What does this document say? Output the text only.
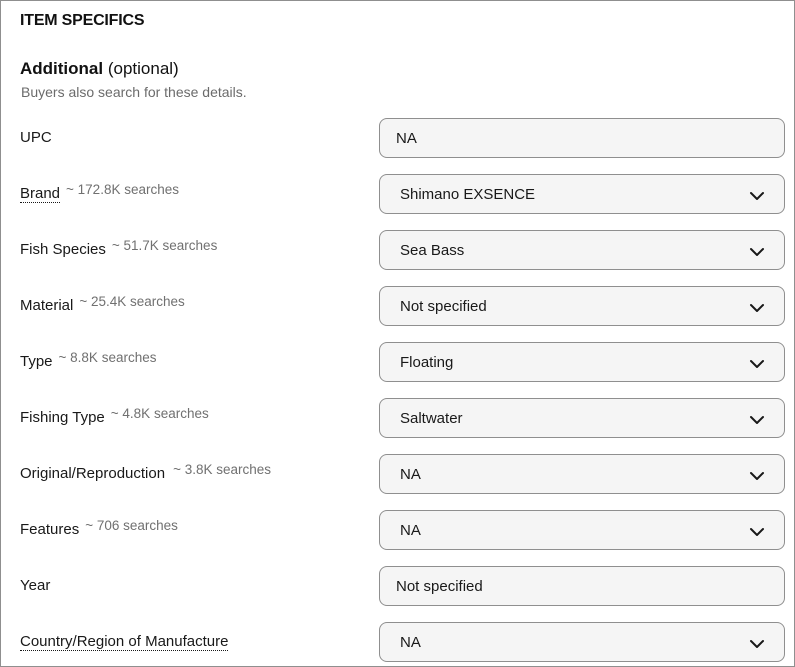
ITEM SPECIFICS
Additional (optional)
Buyers also search for these details.
UPC	NA
Brand ~ 172.8K searches	Shimano EXSENCE
Fish Species ~ 51.7K searches	Sea Bass
Material ~ 25.4K searches	Not specified
Type ~ 8.8K searches	Floating
Fishing Type ~ 4.8K searches	Saltwater
Original/Reproduction ~ 3.8K searches	NA
Features ~ 706 searches	NA
Year	Not specified
Country/Region of Manufacture	NA
